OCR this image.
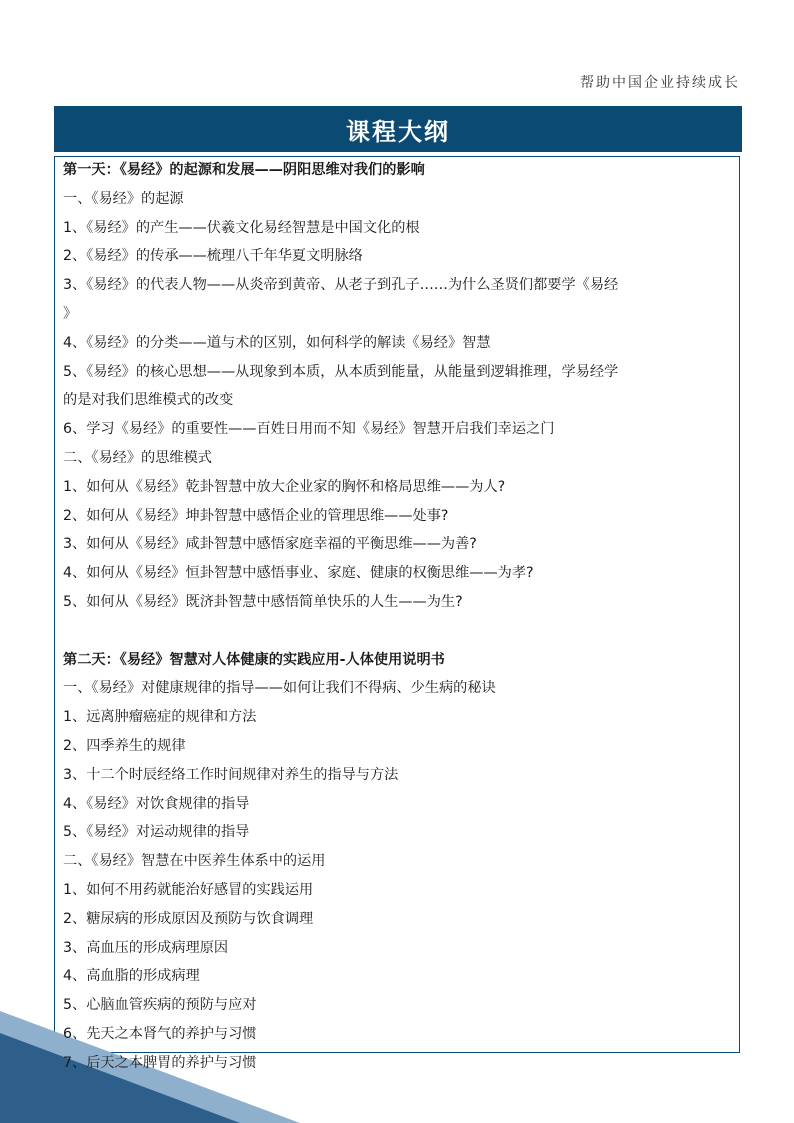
帮助中国企业持续成长
课程大纲
第一天：《易经》的起源和发展——阴阳思维对我们的影响
一、《易经》的起源
1、《易经》的产生——伏羲文化易经智慧是中国文化的根
2、《易经》的传承——梳理八千年华夏文明脉络
3、《易经》的代表人物——从炎帝到黄帝、从老子到孔子……为什么圣贤们都要学《易经
》
4、《易经》的分类——道与术的区别，如何科学的解读《易经》智慧
5、《易经》的核心思想——从现象到本质，从本质到能量，从能量到逻辑推理，学易经学
的是对我们思维模式的改变
6、学习《易经》的重要性——百姓日用而不知《易经》智慧开启我们幸运之门
二、《易经》的思维模式
1、如何从《易经》乾卦智慧中放大企业家的胸怀和格局思维——为人?
2、如何从《易经》坤卦智慧中感悟企业的管理思维——处事?
3、如何从《易经》咸卦智慧中感悟家庭幸福的平衡思维——为善?
4、如何从《易经》恒卦智慧中感悟事业、家庭、健康的权衡思维——为孝?
5、如何从《易经》既济卦智慧中感悟简单快乐的人生——为生?
第二天：《易经》智慧对人体健康的实践应用-人体使用说明书
一、《易经》对健康规律的指导——如何让我们不得病、少生病的秘诀
1、远离肿瘤癌症的规律和方法
2、四季养生的规律
3、十二个时辰经络工作时间规律对养生的指导与方法
4、《易经》对饮食规律的指导
5、《易经》对运动规律的指导
二、《易经》智慧在中医养生体系中的运用
1、如何不用药就能治好感冒的实践运用
2、糖尿病的形成原因及预防与饮食调理
3、高血压的形成病理原因
4、高血脂的形成病理
5、心脑血管疾病的预防与应对
6、先天之本肾气的养护与习惯
7、后天之本脾胃的养护与习惯
